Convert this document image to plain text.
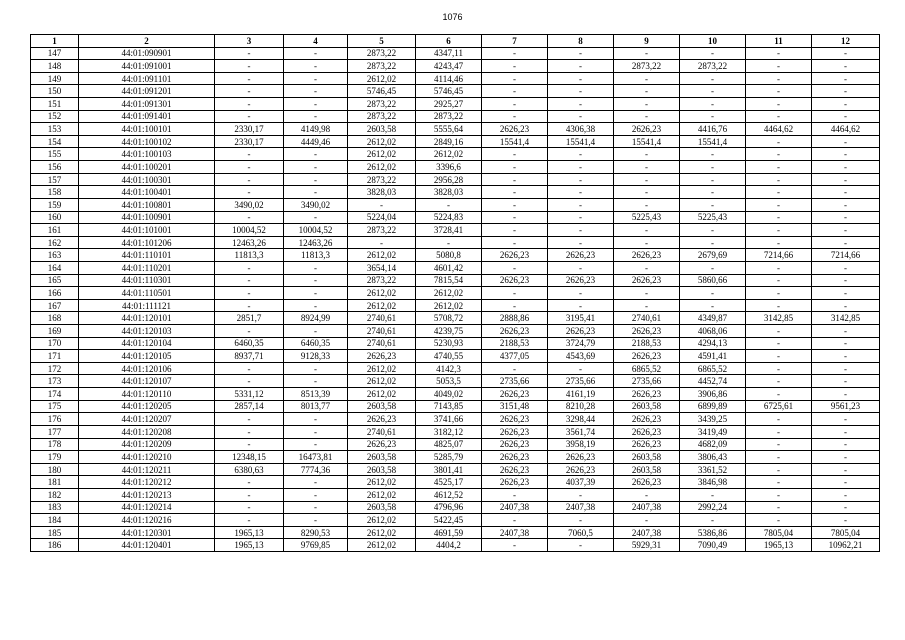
1076
1	2	3	4	5	6	7	8	9	10	11	12
147	44:01:090901	-	-	2873,22	4347,11	-	-	-	-	-	-
148	44:01:091001	-	-	2873,22	4243,47	-	-	2873,22	2873,22	-	-
149	44:01:091101	-	-	2612,02	4114,46	-	-	-	-	-	-
150	44:01:091201	-	-	5746,45	5746,45	-	-	-	-	-	-
151	44:01:091301	-	-	2873,22	2925,27	-	-	-	-	-	-
152	44:01:091401	-	-	2873,22	2873,22	-	-	-	-	-	-
153	44:01:100101	2330,17	4149,98	2603,58	5555,64	2626,23	4306,38	2626,23	4416,76	4464,62	4464,62
154	44:01:100102	2330,17	4449,46	2612,02	2849,16	15541,4	15541,4	15541,4	15541,4	-	-
155	44:01:100103	-	-	2612,02	2612,02	-	-	-	-	-	-
156	44:01:100201	-	-	2612,02	3396,6	-	-	-	-	-	-
157	44:01:100301	-	-	2873,22	2956,28	-	-	-	-	-	-
158	44:01:100401	-	-	3828,03	3828,03	-	-	-	-	-	-
159	44:01:100801	3490,02	3490,02	-	-	-	-	-	-	-	-
160	44:01:100901	-	-	5224,04	5224,83	-	-	5225,43	5225,43	-	-
161	44:01:101001	10004,52	10004,52	2873,22	3728,41	-	-	-	-	-	-
162	44:01:101206	12463,26	12463,26	-	-	-	-	-	-	-	-
163	44:01:110101	11813,3	11813,3	2612,02	5080,8	2626,23	2626,23	2626,23	2679,69	7214,66	7214,66
164	44:01:110201	-	-	3654,14	4601,42	-	-	-	-	-	-
165	44:01:110301	-	-	2873,22	7815,54	2626,23	2626,23	2626,23	5860,66	-	-
166	44:01:110501	-	-	2612,02	2612,02	-	-	-	-	-	-
167	44:01:111121	-	-	2612,02	2612,02	-	-	-	-	-	-
168	44:01:120101	2851,7	8924,99	2740,61	5708,72	2888,86	3195,41	2740,61	4349,87	3142,85	3142,85
169	44:01:120103	-	-	2740,61	4239,75	2626,23	2626,23	2626,23	4068,06	-	-
170	44:01:120104	6460,35	6460,35	2740,61	5230,93	2188,53	3724,79	2188,53	4294,13	-	-
171	44:01:120105	8937,71	9128,33	2626,23	4740,55	4377,05	4543,69	2626,23	4591,41	-	-
172	44:01:120106	-	-	2612,02	4142,3	-	-	6865,52	6865,52	-	-
173	44:01:120107	-	-	2612,02	5053,5	2735,66	2735,66	2735,66	4452,74	-	-
174	44:01:120110	5331,12	8513,39	2612,02	4049,02	2626,23	4161,19	2626,23	3906,86	-	-
175	44:01:120205	2857,14	8013,77	2603,58	7143,85	3151,48	8210,28	2603,58	6899,89	6725,61	9561,23
176	44:01:120207	-	-	2626,23	3741,66	2626,23	3298,44	2626,23	3439,25	-	-
177	44:01:120208	-	-	2740,61	3182,12	2626,23	3561,74	2626,23	3419,49	-	-
178	44:01:120209	-	-	2626,23	4825,07	2626,23	3958,19	2626,23	4682,09	-	-
179	44:01:120210	12348,15	16473,81	2603,58	5285,79	2626,23	2626,23	2603,58	3806,43	-	-
180	44:01:120211	6380,63	7774,36	2603,58	3801,41	2626,23	2626,23	2603,58	3361,52	-	-
181	44:01:120212	-	-	2612,02	4525,17	2626,23	4037,39	2626,23	3846,98	-	-
182	44:01:120213	-	-	2612,02	4612,52	-	-	-	-	-	-
183	44:01:120214	-	-	2603,58	4796,96	2407,38	2407,38	2407,38	2992,24	-	-
184	44:01:120216	-	-	2612,02	5422,45	-	-	-	-	-	-
185	44:01:120301	1965,13	8290,53	2612,02	4691,59	2407,38	7060,5	2407,38	5386,86	7805,04	7805,04
186	44:01:120401	1965,13	9769,85	2612,02	4404,2	-	-	5929,31	7090,49	1965,13	10962,21
